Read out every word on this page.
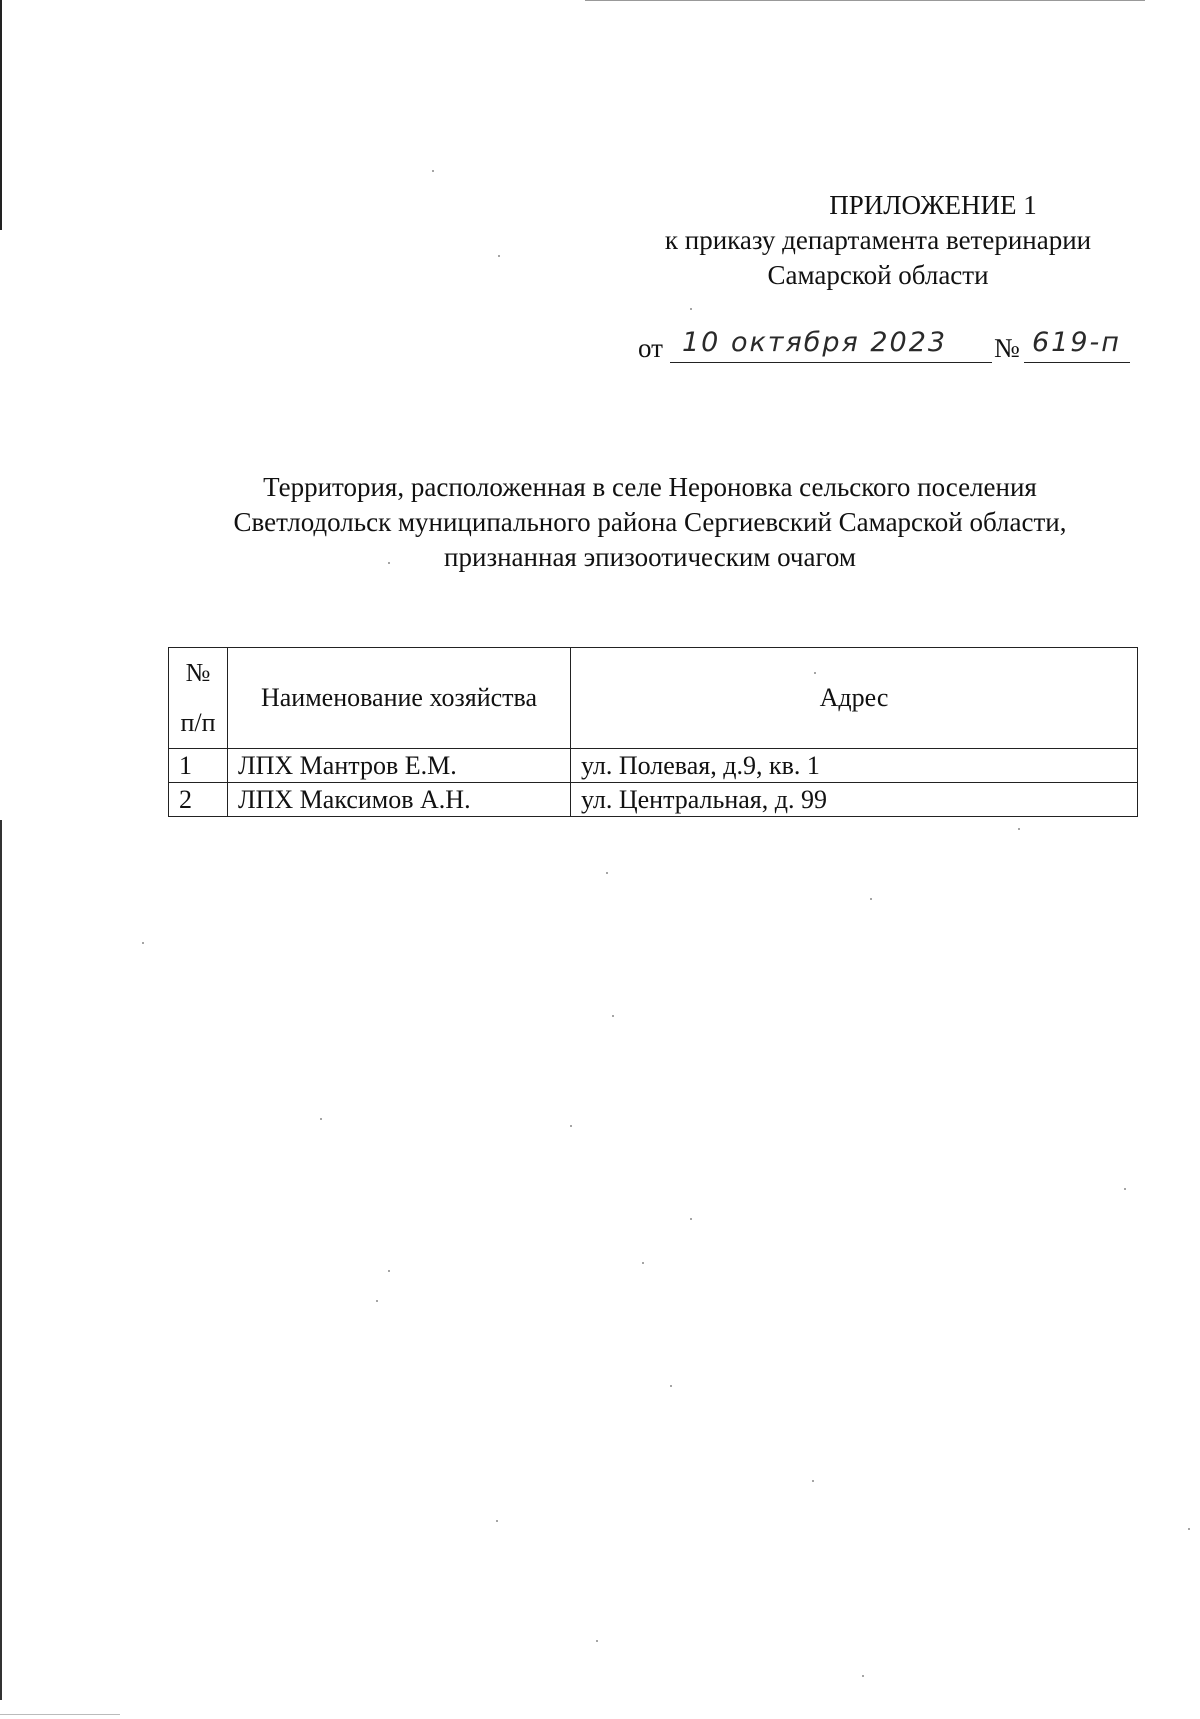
ПРИЛОЖЕНИЕ 1
к приказу департамента ветеринарии
Самарской области
от 10 октября 2023	№ 619-п
Территория, расположенная в селе Нероновка сельского поселения
Светлодольск муниципального района Сергиевский Самарской области,
признанная эпизоотическим очагом
№
п/п	Наименование хозяйства	Адрес
1	ЛПХ Мантров Е.М.	ул. Полевая, д.9, кв. 1
2	ЛПХ Максимов А.Н.	ул. Центральная, д. 99
